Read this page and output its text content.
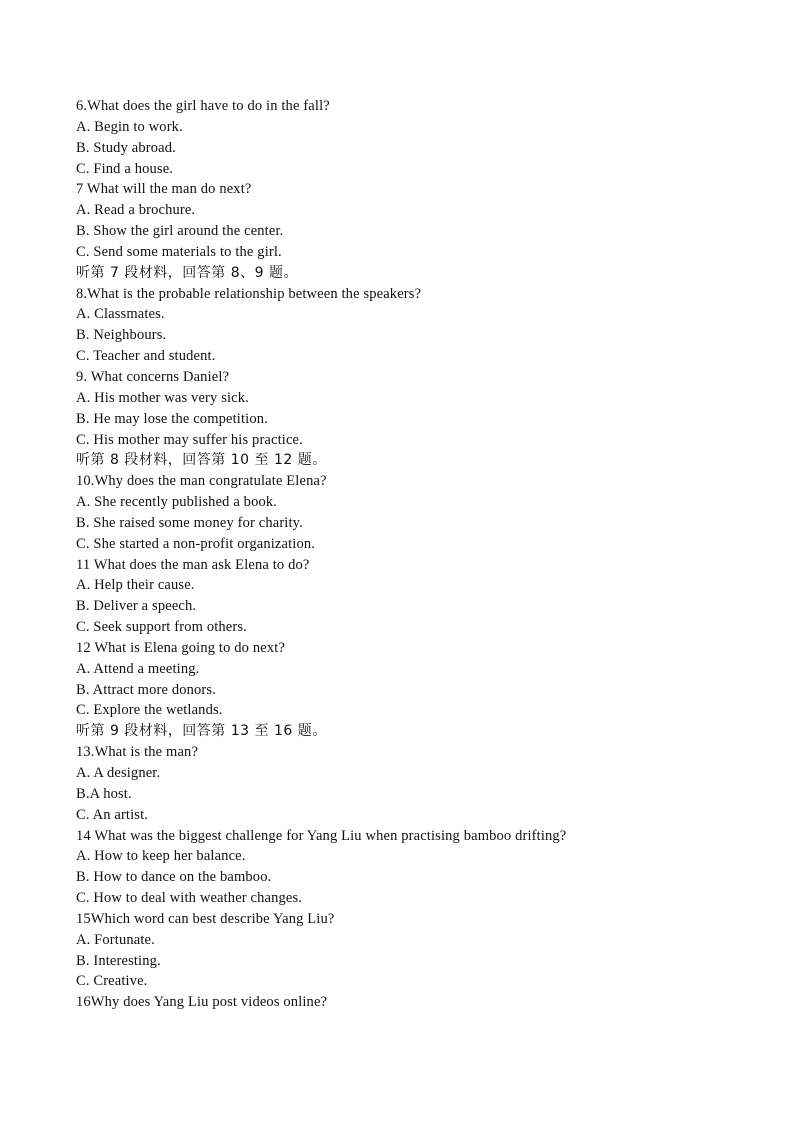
6.What does the girl have to do in the fall?
A. Begin to work.
B. Study abroad.
C. Find a house.
7 What will the man do next?
A. Read a brochure.
B. Show the girl around the center.
C. Send some materials to the girl.
听第 7 段材料，回答第 8、9 题。
8.What is the probable relationship between the speakers?
A. Classmates.
B. Neighbours.
C. Teacher and student.
9. What concerns Daniel?
A. His mother was very sick.
B. He may lose the competition.
C. His mother may suffer his practice.
听第 8 段材料，回答第 10 至 12 题。
10.Why does the man congratulate Elena?
A. She recently published a book.
B. She raised some money for charity.
C. She started a non-profit organization.
11 What does the man ask Elena to do?
A. Help their cause.
B. Deliver a speech.
C. Seek support from others.
12 What is Elena going to do next?
A. Attend a meeting.
B. Attract more donors.
C. Explore the wetlands.
听第 9 段材料，回答第 13 至 16 题。
13.What is the man?
A. A designer.
B.A host.
C. An artist.
14 What was the biggest challenge for Yang Liu when practising bamboo drifting?
A. How to keep her balance.
B. How to dance on the bamboo.
C. How to deal with weather changes.
15Which word can best describe Yang Liu?
A. Fortunate.
B. Interesting.
C. Creative.
16Why does Yang Liu post videos online?
